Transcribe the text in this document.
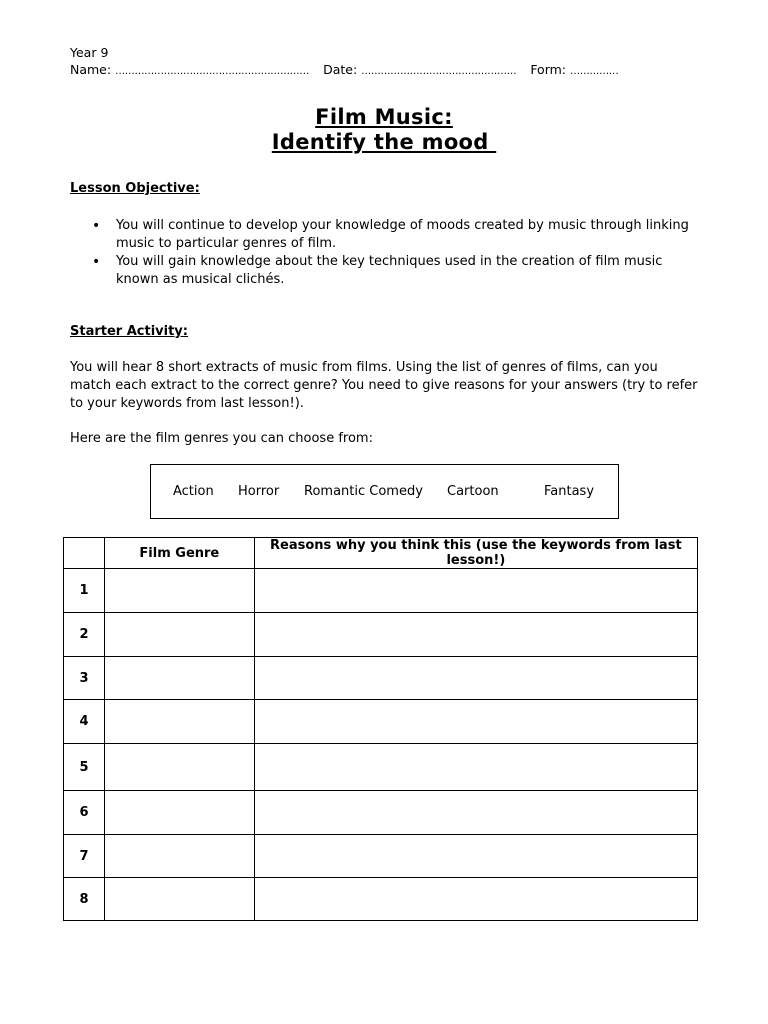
Year 9
Name: …………………………………………………… Date: ………………………………………… Form: ……………
Film Music:
Identify the mood
Lesson Objective:
• You will continue to develop your knowledge of moods created by music through linking music to particular genres of film.
• You will gain knowledge about the key techniques used in the creation of film music known as musical clichés.
Starter Activity:
You will hear 8 short extracts of music from films. Using the list of genres of films, can you match each extract to the correct genre? You need to give reasons for your answers (try to refer to your keywords from last lesson!).
Here are the film genres you can choose from:
Action Horror Romantic Comedy Cartoon	Fantasy
	Film Genre	Reasons why you think this (use the keywords from last lesson!)
1		
2		
3		
4		
5		
6		
7		
8		
